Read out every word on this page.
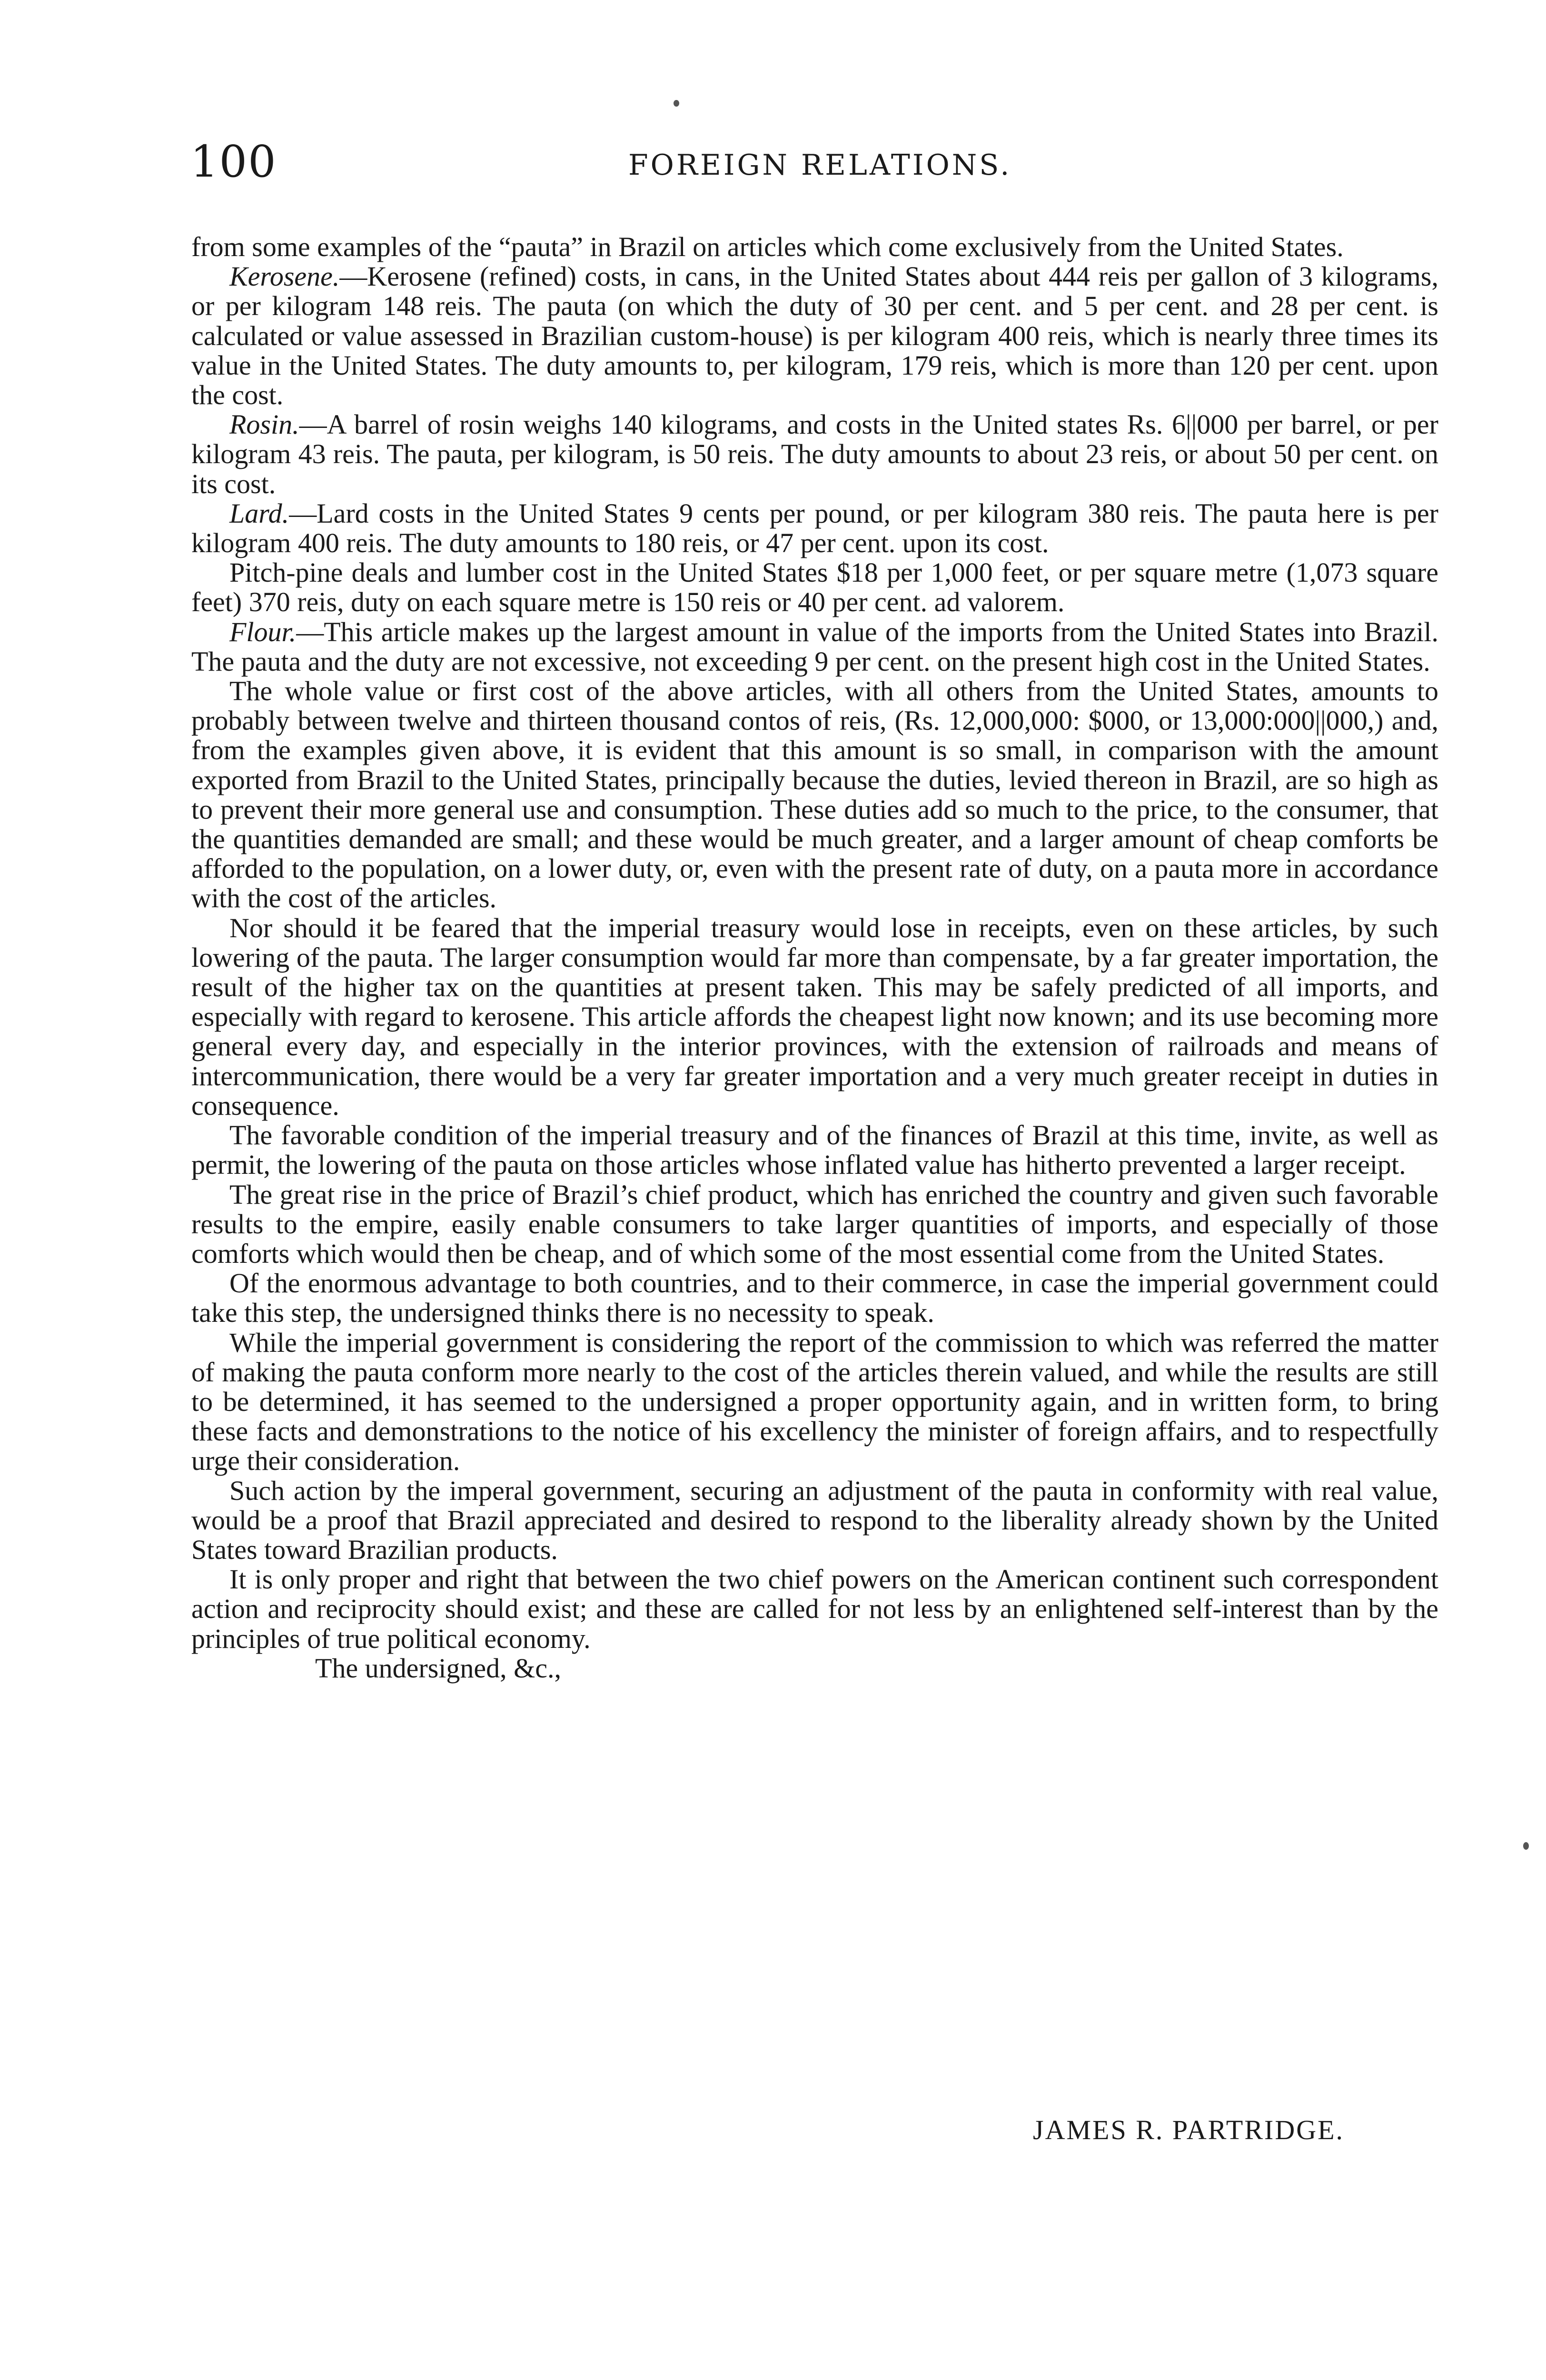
100	FOREIGN RELATIONS.

from some examples of the “pauta” in Brazil on articles which come exclusively from the United States.

Kerosene.—Kerosene (refined) costs, in cans, in the United States about 444 reis per gallon of 3 kilograms, or per kilogram 148 reis. The pauta (on which the duty of 30 per cent. and 5 per cent. and 28 per cent. is calculated or value assessed in Brazilian custom-house) is per kilogram 400 reis, which is nearly three times its value in the United States. The duty amounts to, per kilogram, 179 reis, which is more than 120 per cent. upon the cost.

Rosin.—A barrel of rosin weighs 140 kilograms, and costs in the United states Rs. 6||000 per barrel, or per kilogram 43 reis. The pauta, per kilogram, is 50 reis. The duty amounts to about 23 reis, or about 50 per cent. on its cost.

Lard.—Lard costs in the United States 9 cents per pound, or per kilogram 380 reis. The pauta here is per kilogram 400 reis. The duty amounts to 180 reis, or 47 per cent. upon its cost.

Pitch-pine deals and lumber cost in the United States $18 per 1,000 feet, or per square metre (1,073 square feet) 370 reis, duty on each square metre is 150 reis or 40 per cent. ad valorem.

Flour.—This article makes up the largest amount in value of the imports from the United States into Brazil. The pauta and the duty are not excessive, not exceeding 9 per cent. on the present high cost in the United States.

The whole value or first cost of the above articles, with all others from the United States, amounts to probably between twelve and thirteen thousand contos of reis, (Rs. 12,000,000: $000, or 13,000:000||000,) and, from the examples given above, it is evident that this amount is so small, in comparison with the amount exported from Brazil to the United States, principally because the duties, levied thereon in Brazil, are so high as to prevent their more general use and consumption. These duties add so much to the price, to the consumer, that the quantities demanded are small; and these would be much greater, and a larger amount of cheap comforts be afforded to the population, on a lower duty, or, even with the present rate of duty, on a pauta more in accordance with the cost of the articles.

Nor should it be feared that the imperial treasury would lose in receipts, even on these articles, by such lowering of the pauta. The larger consumption would far more than compensate, by a far greater importation, the result of the higher tax on the quantities at present taken. This may be safely predicted of all imports, and especially with regard to kerosene. This article affords the cheapest light now known; and its use becoming more general every day, and especially in the interior provinces, with the extension of railroads and means of intercommunication, there would be a very far greater importation and a very much greater receipt in duties in consequence.

The favorable condition of the imperial treasury and of the finances of Brazil at this time, invite, as well as permit, the lowering of the pauta on those articles whose inflated value has hitherto prevented a larger receipt.

The great rise in the price of Brazil’s chief product, which has enriched the country and given such favorable results to the empire, easily enable consumers to take larger quantities of imports, and especially of those comforts which would then be cheap, and of which some of the most essential come from the United States.

Of the enormous advantage to both countries, and to their commerce, in case the imperial government could take this step, the undersigned thinks there is no necessity to speak.

While the imperial government is considering the report of the commission to which was referred the matter of making the pauta conform more nearly to the cost of the articles therein valued, and while the results are still to be determined, it has seemed to the undersigned a proper opportunity again, and in written form, to bring these facts and demonstrations to the notice of his excellency the minister of foreign affairs, and to respectfully urge their consideration.

Such action by the imperal government, securing an adjustment of the pauta in conformity with real value, would be a proof that Brazil appreciated and desired to respond to the liberality already shown by the United States toward Brazilian products.

It is only proper and right that between the two chief powers on the American continent such correspondent action and reciprocity should exist; and these are called for not less by an enlightened self-interest than by the principles of true political economy.

The undersigned, &c.,

JAMES R. PARTRIDGE.
